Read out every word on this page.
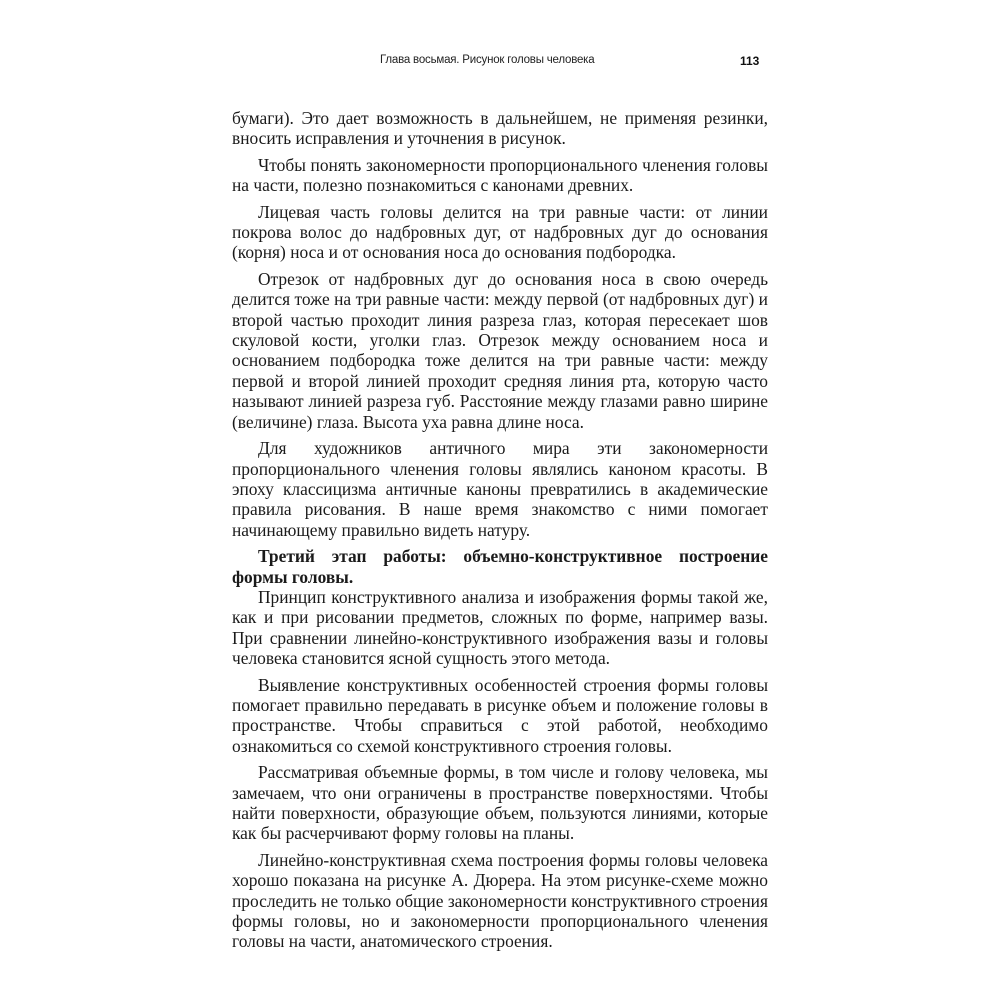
Глава восьмая. Рисунок головы человека	113

бумаги). Это дает возможность в дальнейшем, не применяя резинки, вносить исправления и уточнения в рисунок.

Чтобы понять закономерности пропорционального членения головы на части, полезно познакомиться с канонами древних.

Лицевая часть головы делится на три равные части: от линии покрова волос до надбровных дуг, от надбровных дуг до основания (корня) носа и от основания носа до основания подбородка.

Отрезок от надбровных дуг до основания носа в свою очередь делится тоже на три равные части: между первой (от надбровных дуг) и второй частью проходит линия разреза глаз, которая пересекает шов скуловой кости, уголки глаз. Отрезок между основанием носа и основанием подбородка тоже делится на три равные части: между первой и второй линией проходит средняя линия рта, которую часто называют линией разреза губ. Расстояние между глазами равно ширине (величине) глаза. Высота уха равна длине носа.

Для художников античного мира эти закономерности пропорционального членения головы являлись каноном красоты. В эпоху классицизма античные каноны превратились в академические правила рисования. В наше время знакомство с ними помогает начинающему правильно видеть натуру.

Третий этап работы: объемно-конструктивное построение формы головы.

Принцип конструктивного анализа и изображения формы такой же, как и при рисовании предметов, сложных по форме, например вазы. При сравнении линейно-конструктивного изображения вазы и головы человека становится ясной сущность этого метода.

Выявление конструктивных особенностей строения формы головы помогает правильно передавать в рисунке объем и положение головы в пространстве. Чтобы справиться с этой работой, необходимо ознакомиться со схемой конструктивного строения головы.

Рассматривая объемные формы, в том числе и голову человека, мы замечаем, что они ограничены в пространстве поверхностями. Чтобы найти поверхности, образующие объем, пользуются линиями, которые как бы расчерчивают форму головы на планы.

Линейно-конструктивная схема построения формы головы человека хорошо показана на рисунке А. Дюрера. На этом рисунке-схеме можно проследить не только общие закономерности конструктивного строения формы головы, но и закономерности пропорционального членения головы на части, анатомического строения.
